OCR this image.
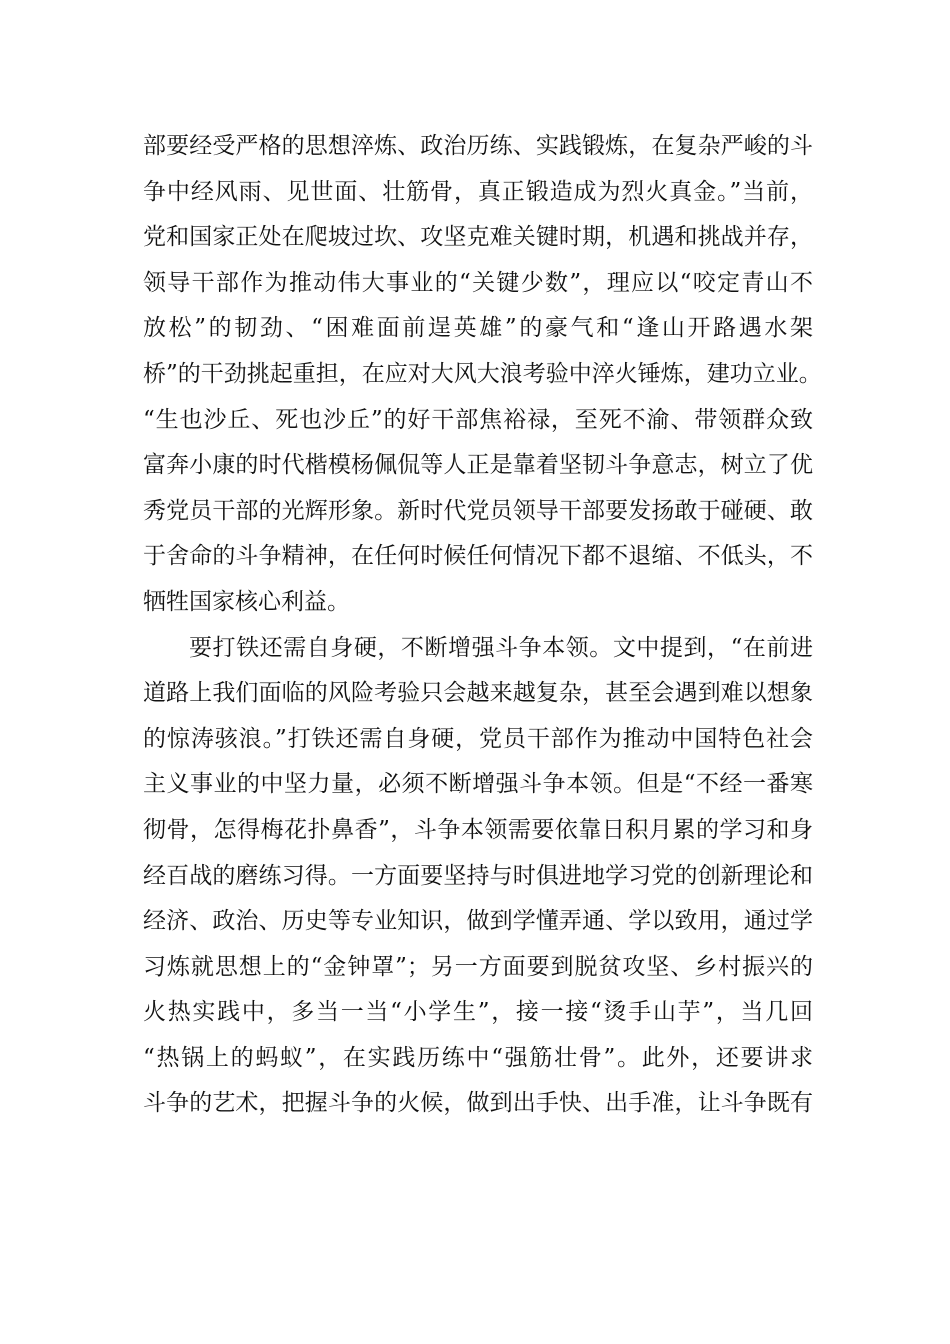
部要经受严格的思想淬炼、政治历练、实践锻炼，在复杂严峻的斗
争中经风雨、见世面、壮筋骨，真正锻造成为烈火真金。”当前，
党和国家正处在爬坡过坎、攻坚克难关键时期，机遇和挑战并存，
领导干部作为推动伟大事业的“关键少数”，理应以“咬定青山不
放松”的韧劲、“困难面前逞英雄”的豪气和“逢山开路遇水架
桥”的干劲挑起重担，在应对大风大浪考验中淬火锤炼，建功立业。
“生也沙丘、死也沙丘”的好干部焦裕禄，至死不渝、带领群众致
富奔小康的时代楷模杨佩侃等人正是靠着坚韧斗争意志，树立了优
秀党员干部的光辉形象。新时代党员领导干部要发扬敢于碰硬、敢
于舍命的斗争精神，在任何时候任何情况下都不退缩、不低头，不
牺牲国家核心利益。
要打铁还需自身硬，不断增强斗争本领。文中提到，“在前进
道路上我们面临的风险考验只会越来越复杂，甚至会遇到难以想象
的惊涛骇浪。”打铁还需自身硬，党员干部作为推动中国特色社会
主义事业的中坚力量，必须不断增强斗争本领。但是“不经一番寒
彻骨，怎得梅花扑鼻香”，斗争本领需要依靠日积月累的学习和身
经百战的磨练习得。一方面要坚持与时俱进地学习党的创新理论和
经济、政治、历史等专业知识，做到学懂弄通、学以致用，通过学
习炼就思想上的“金钟罩”；另一方面要到脱贫攻坚、乡村振兴的
火热实践中，多当一当“小学生”，接一接“烫手山芋”，当几回
“热锅上的蚂蚁”，在实践历练中“强筋壮骨”。此外，还要讲求
斗争的艺术，把握斗争的火候，做到出手快、出手准，让斗争既有
